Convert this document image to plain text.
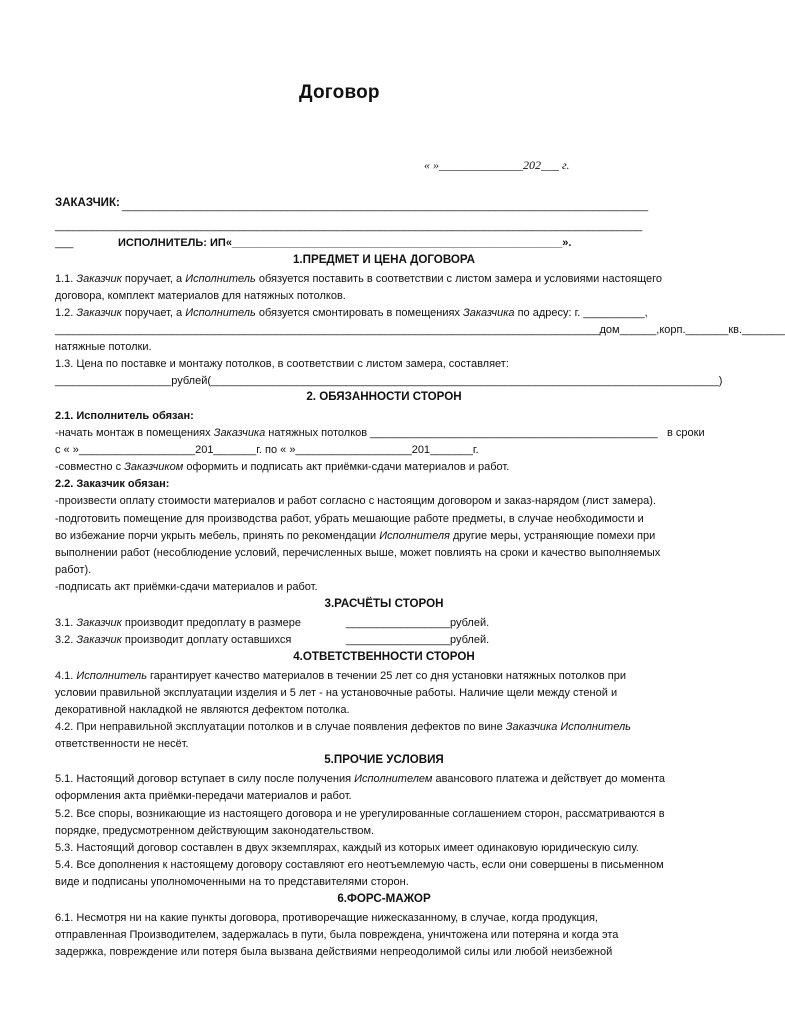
Договор
« »______________202___ г.
ЗАКАЗЧИК: ______________________________________________________________________________________
________________________________________________________________________________________________
___	ИСПОЛНИТЕЛЬ: ИП«______________________________________________________».
1.ПРЕДМЕТ И ЦЕНА ДОГОВОРА
1.1. Заказчик поручает, а Исполнитель обязуется поставить в соответствии с листом замера и условиями настоящего
договора, комплект материалов для натяжных потолков.
1.2. Заказчик поручает, а Исполнитель обязуется смонтировать в помещениях Заказчика по адресу: г. __________,
_________________________________________________________________________________________дом______,корп._______кв._______
натяжные потолки.
1.3. Цена по поставке и монтажу потолков, в соответствии с листом замера, составляет:
___________________рублей(___________________________________________________________________________________)
2. ОБЯЗАННОСТИ СТОРОН
2.1. Исполнитель обязан:
-начать монтаж в помещениях Заказчика натяжных потолков _______________________________________________ в сроки
с « »___________________201_______г. по « »___________________201_______г.
-совместно с Заказчиком оформить и подписать акт приёмки-сдачи материалов и работ.
2.2. Заказчик обязан:
-произвести оплату стоимости материалов и работ согласно с настоящим договором и заказ-нарядом (лист замера).
-подготовить помещение для производства работ, убрать мешающие работе предметы, в случае необходимости и
во избежание порчи укрыть мебель, принять по рекомендации Исполнителя другие меры, устраняющие помехи при
выполнении работ (несоблюдение условий, перечисленных выше, может повлиять на сроки и качество выполняемых
работ).
-подписать акт приёмки-сдачи материалов и работ.
3.РАСЧЁТЫ СТОРОН
3.1. Заказчик производит предоплату в размере	_________________рублей.
3.2. Заказчик производит доплату оставшихся	_________________рублей.
4.ОТВЕТСТВЕННОСТИ СТОРОН
4.1. Исполнитель гарантирует качество материалов в течении 25 лет со дня установки натяжных потолков при
условии правильной эксплуатации изделия и 5 лет - на установочные работы. Наличие щели между стеной и
декоративной накладкой не являются дефектом потолка.
4.2. При неправильной эксплуатации потолков и в случае появления дефектов по вине Заказчика Исполнитель
ответственности не несёт.
5.ПРОЧИЕ УСЛОВИЯ
5.1. Настоящий договор вступает в силу после получения Исполнителем авансового платежа и действует до момента
оформления акта приёмки-передачи материалов и работ.
5.2. Все споры, возникающие из настоящего договора и не урегулированные соглашением сторон, рассматриваются в
порядке, предусмотренном действующим законодательством.
5.3. Настоящий договор составлен в двух экземплярах, каждый из которых имеет одинаковую юридическую силу.
5.4. Все дополнения к настоящему договору составляют его неотъемлемую часть, если они совершены в письменном
виде и подписаны уполномоченными на то представителями сторон.
6.ФОРС-МАЖОР
6.1. Несмотря ни на какие пункты договора, противоречащие нижесказанному, в случае, когда продукция,
отправленная Производителем, задержалась в пути, была повреждена, уничтожена или потеряна и когда эта
задержка, повреждение или потеря была вызвана действиями непреодолимой силы или любой неизбежной
